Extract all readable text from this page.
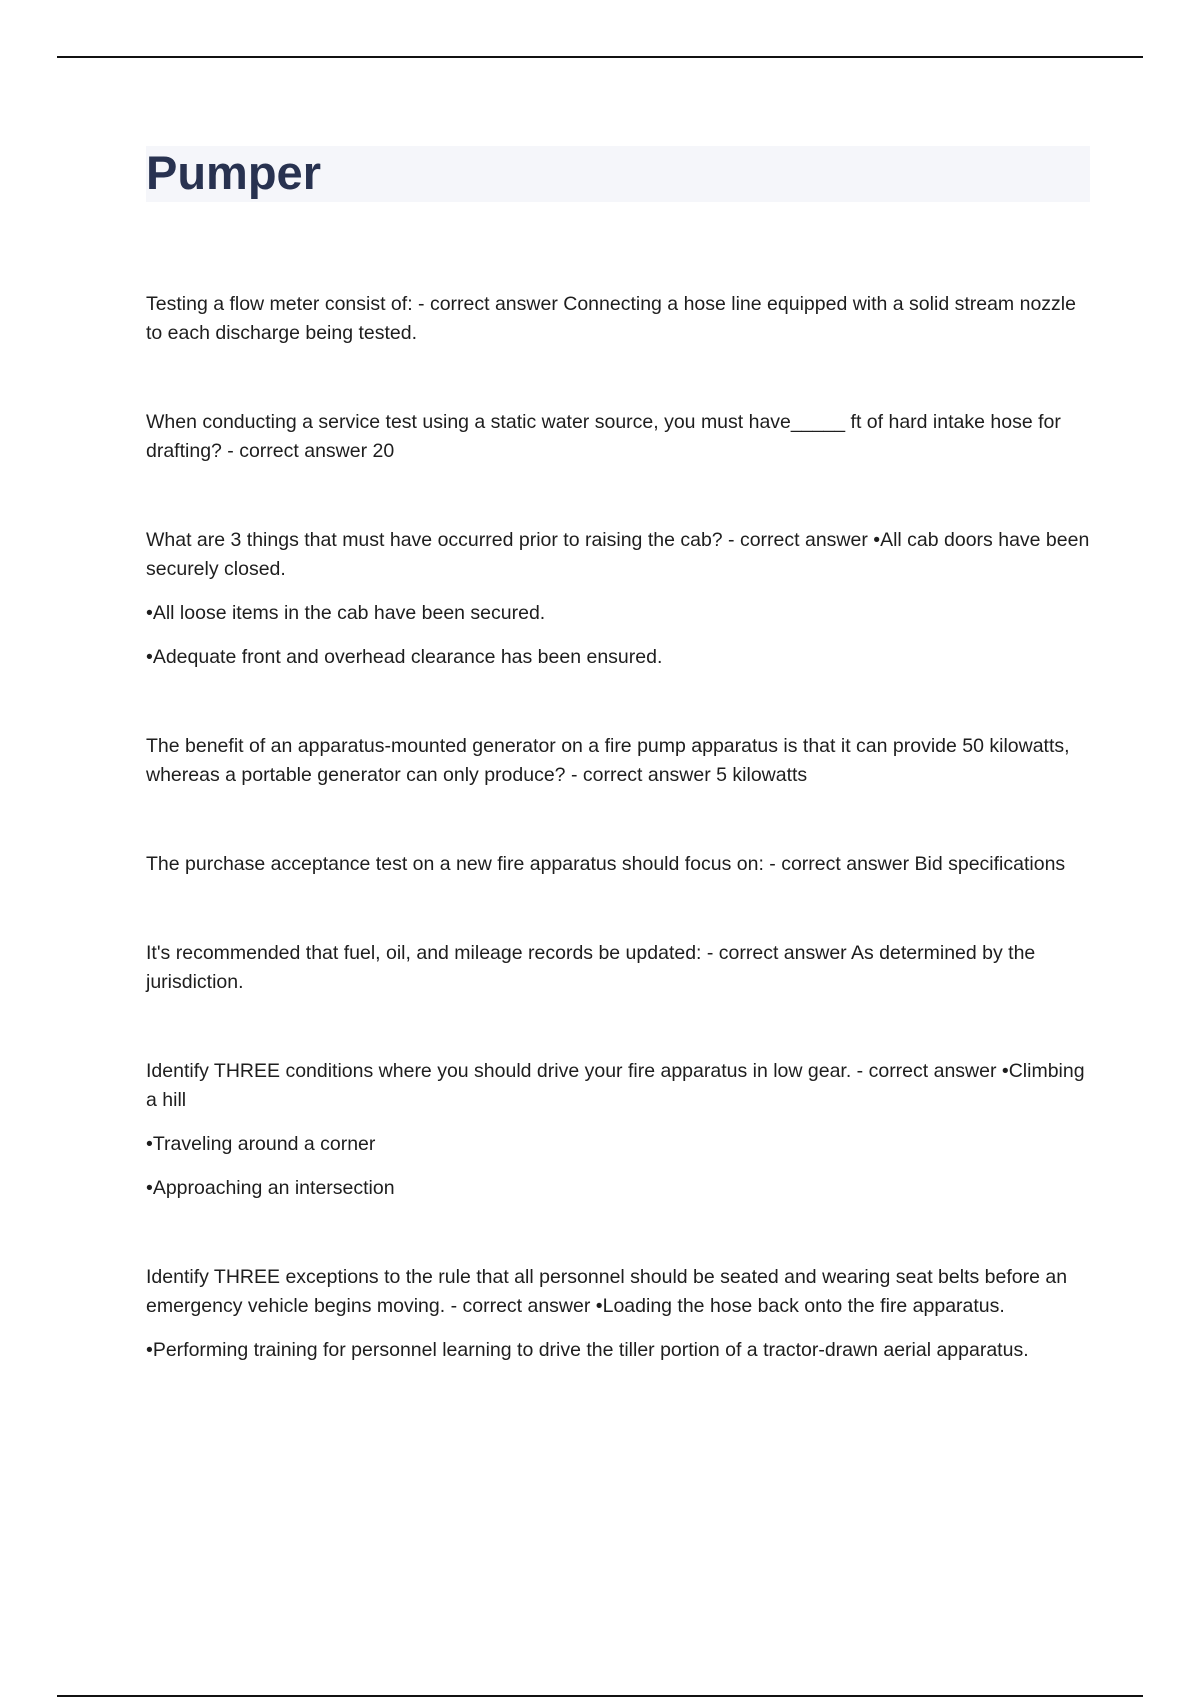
Pumper

Testing a flow meter consist of: - correct answer Connecting a hose line equipped with a solid stream nozzle to each discharge being tested.

When conducting a service test using a static water source, you must have_____ ft of hard intake hose for drafting? - correct answer 20

What are 3 things that must have occurred prior to raising the cab? - correct answer •All cab doors have been securely closed.

•All loose items in the cab have been secured.

•Adequate front and overhead clearance has been ensured.

The benefit of an apparatus-mounted generator on a fire pump apparatus is that it can provide 50 kilowatts, whereas a portable generator can only produce? - correct answer 5 kilowatts

The purchase acceptance test on a new fire apparatus should focus on: - correct answer Bid specifications

It's recommended that fuel, oil, and mileage records be updated: - correct answer As determined by the jurisdiction.

Identify THREE conditions where you should drive your fire apparatus in low gear. - correct answer •Climbing a hill

•Traveling around a corner

•Approaching an intersection

Identify THREE exceptions to the rule that all personnel should be seated and wearing seat belts before an emergency vehicle begins moving. - correct answer •Loading the hose back onto the fire apparatus.

•Performing training for personnel learning to drive the tiller portion of a tractor-drawn aerial apparatus.
